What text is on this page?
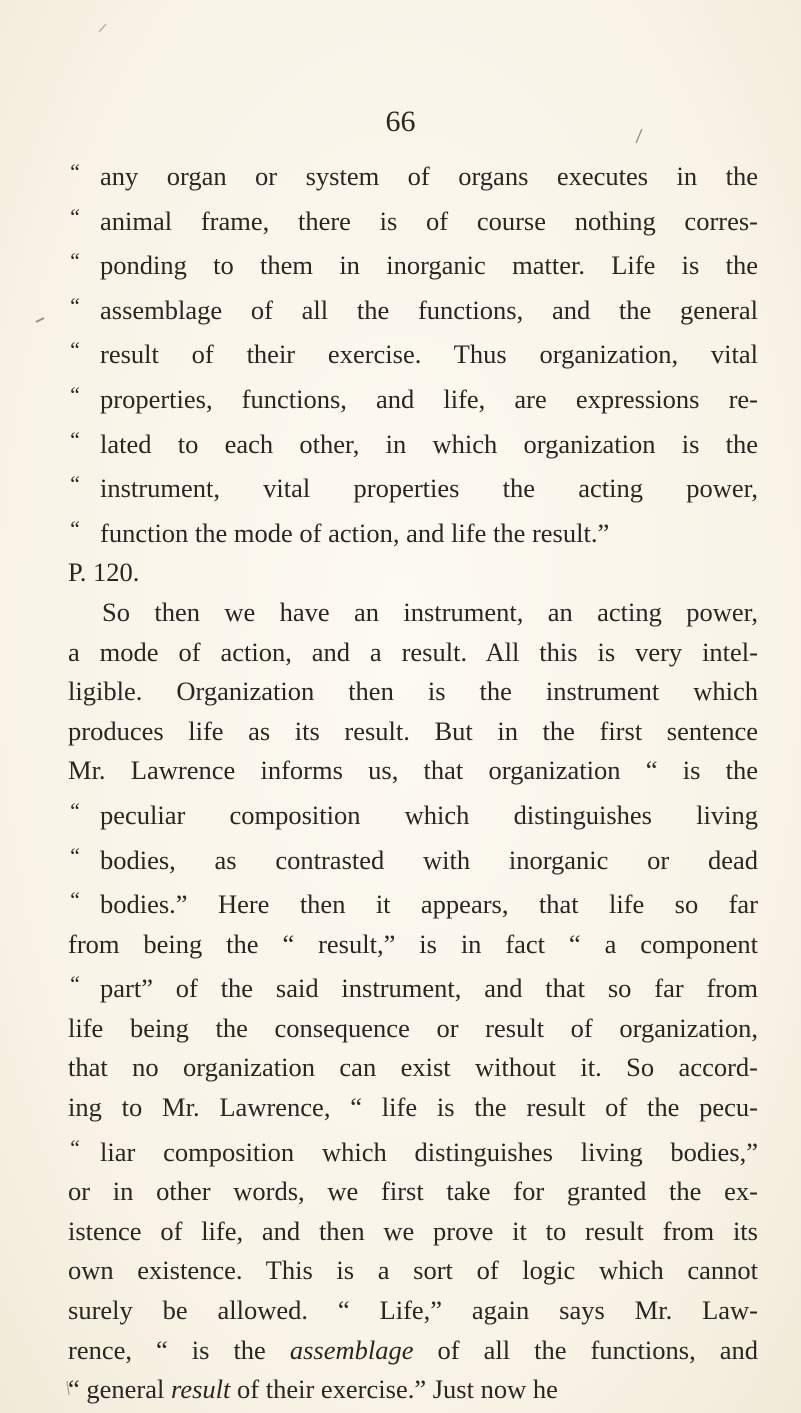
66
“ any organ or system of organs executes in the
“ animal frame, there is of course nothing corres-
“ ponding to them in inorganic matter. Life is the
“ assemblage of all the functions, and the general
“ result of their exercise. Thus organization, vital
“ properties, functions, and life, are expressions re-
“ lated to each other, in which organization is the
“ instrument, vital properties the acting power,
“ function the mode of action, and life the result.”
P. 120.
So then we have an instrument, an acting power,
a mode of action, and a result. All this is very intel-
ligible. Organization then is the instrument which
produces life as its result. But in the first sentence
Mr. Lawrence informs us, that organization “ is the
“ peculiar composition which distinguishes living
“ bodies, as contrasted with inorganic or dead
“ bodies.” Here then it appears, that life so far
from being the “ result,” is in fact “ a component
“ part” of the said instrument, and that so far from
life being the consequence or result of organization,
that no organization can exist without it. So accord-
ing to Mr. Lawrence, “ life is the result of the pecu-
“ liar composition which distinguishes living bodies,”
or in other words, we first take for granted the ex-
istence of life, and then we prove it to result from its
own existence. This is a sort of logic which cannot
surely be allowed. “ Life,” again says Mr. Law-
rence, “ is the assemblage of all the functions, and
“ general result of their exercise.” Just now he
